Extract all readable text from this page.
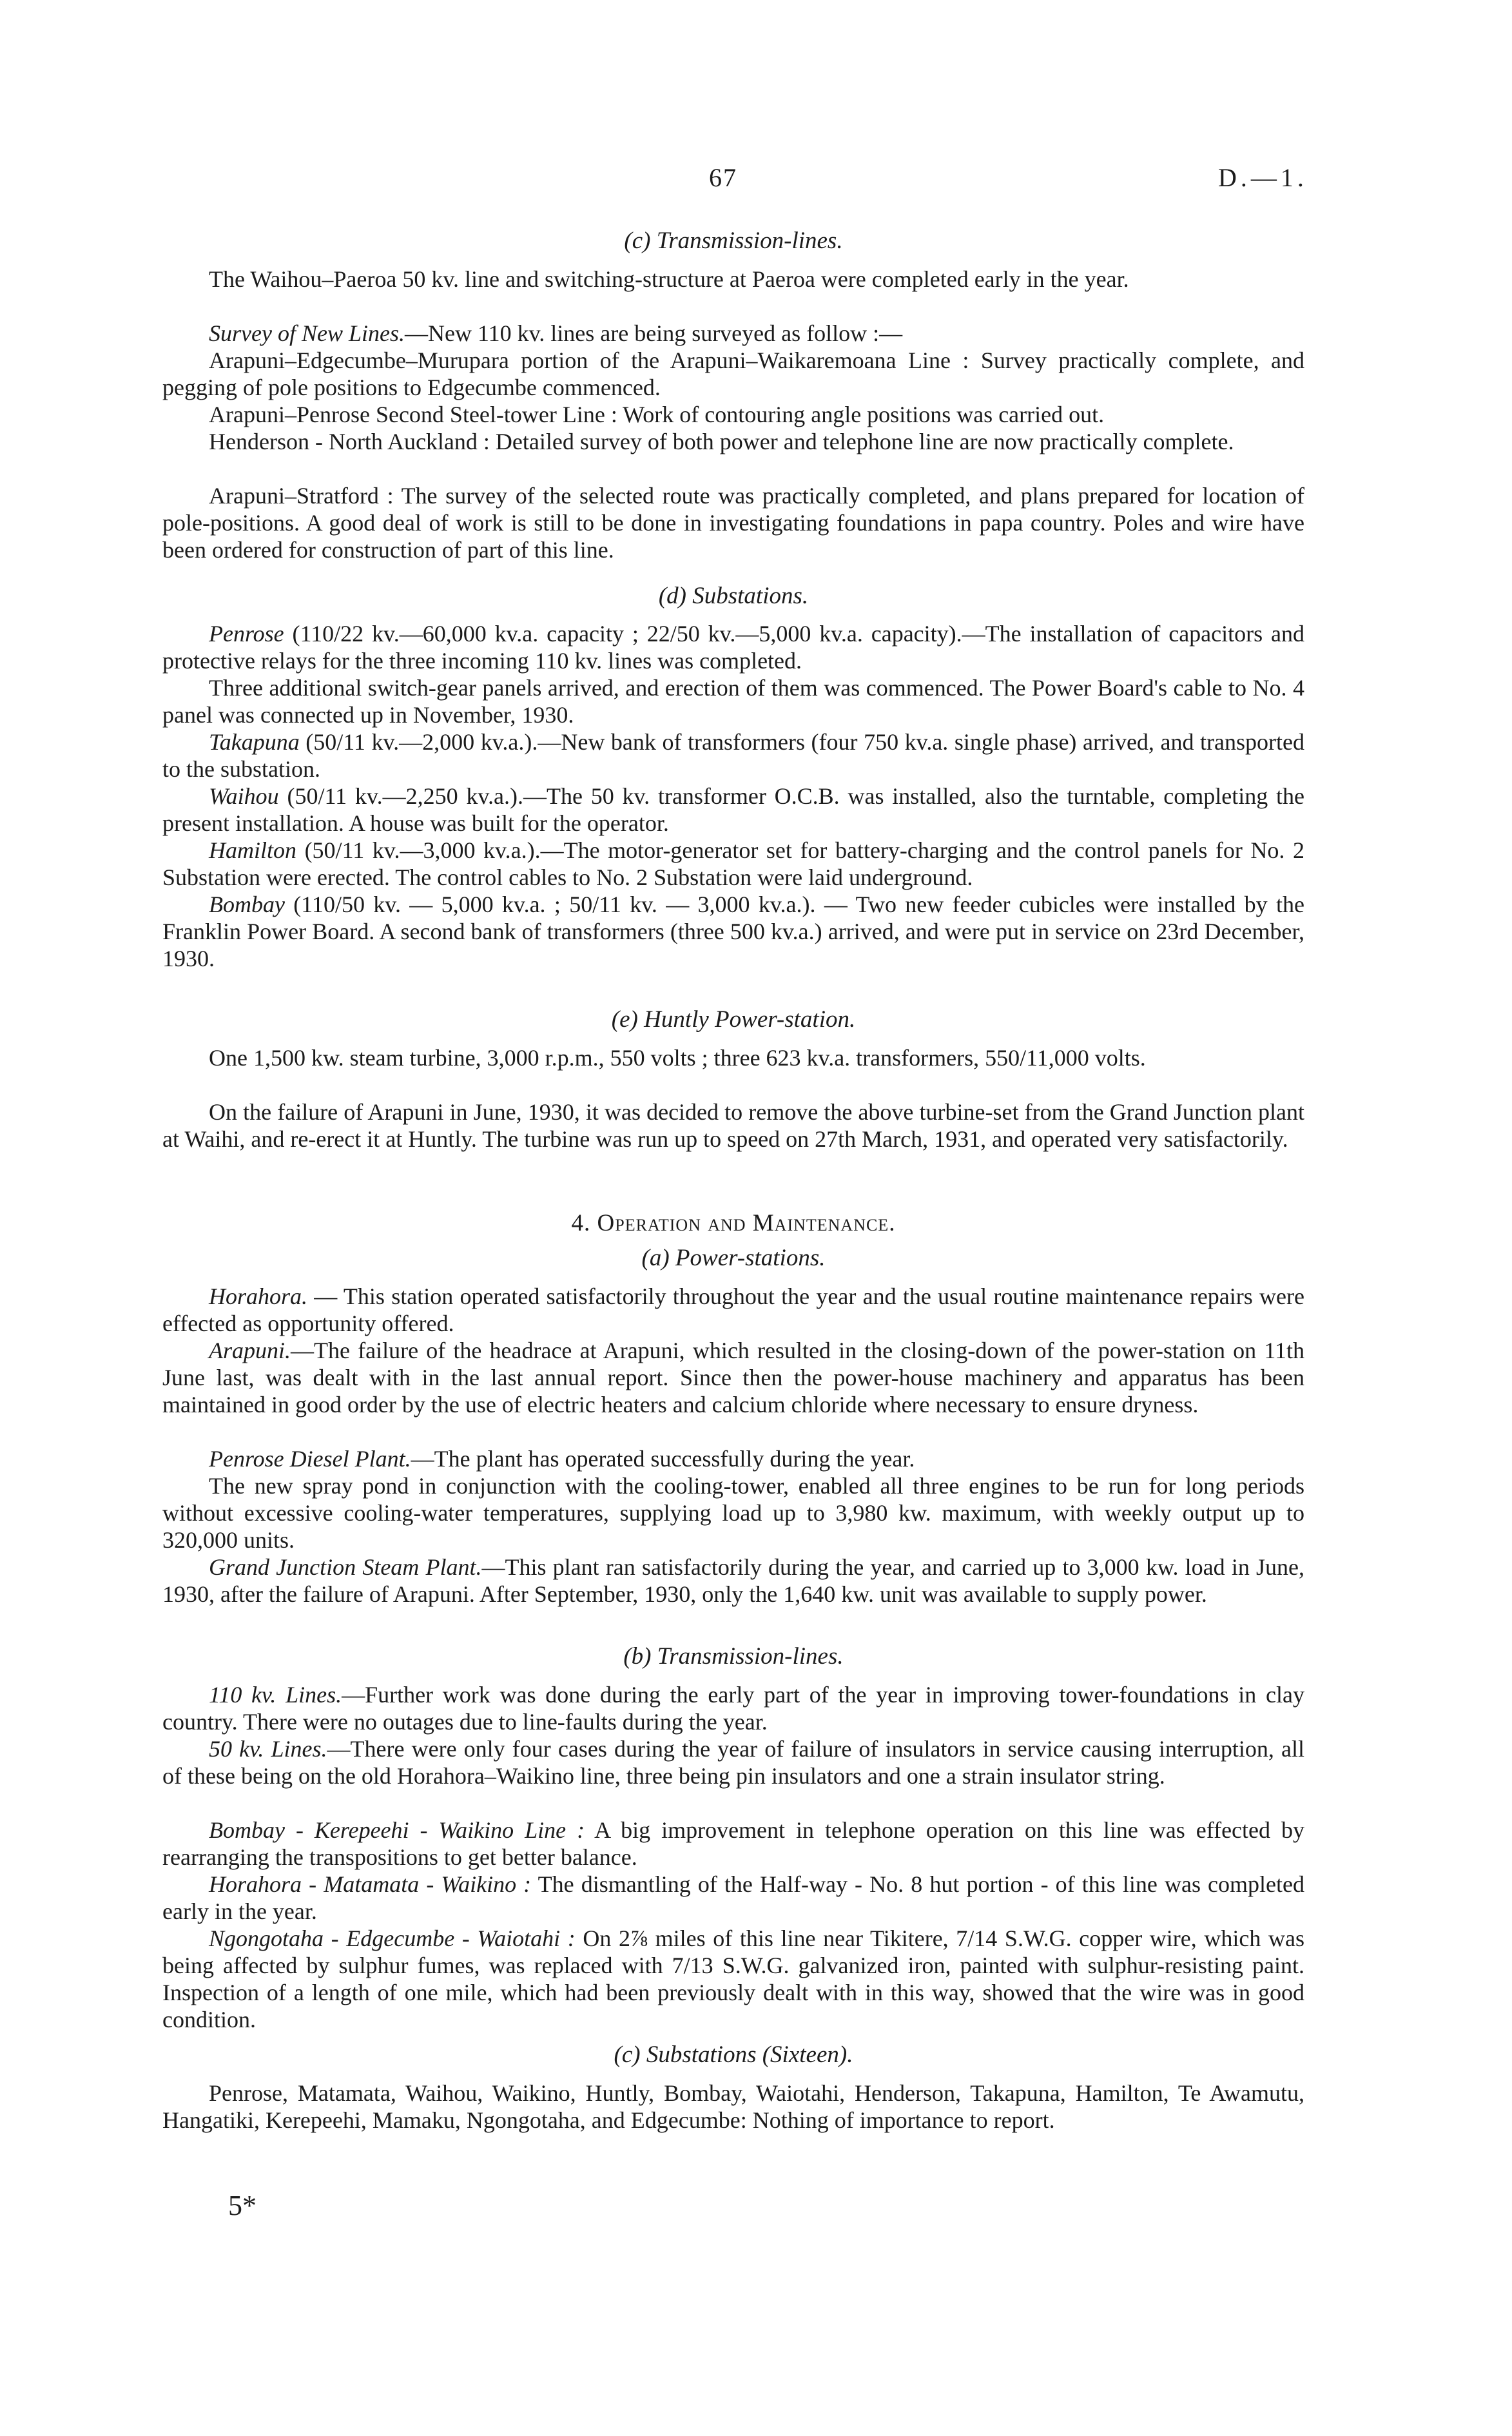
67	D.—1.
(c) Transmission-lines.
The Waihou–Paeroa 50 kv. line and switching-structure at Paeroa were completed early in the year.
Survey of New Lines.—New 110 kv. lines are being surveyed as follow :—
Arapuni–Edgecumbe–Murupara portion of the Arapuni–Waikaremoana Line : Survey practically complete, and pegging of pole positions to Edgecumbe commenced.
Arapuni–Penrose Second Steel-tower Line : Work of contouring angle positions was carried out.
Henderson - North Auckland : Detailed survey of both power and telephone line are now practically complete.
Arapuni–Stratford : The survey of the selected route was practically completed, and plans prepared for location of pole-positions. A good deal of work is still to be done in investigating foundations in papa country. Poles and wire have been ordered for construction of part of this line.
(d) Substations.
Penrose (110/22 kv.—60,000 kv.a. capacity ; 22/50 kv.—5,000 kv.a. capacity).—The installation of capacitors and protective relays for the three incoming 110 kv. lines was completed.
Three additional switch-gear panels arrived, and erection of them was commenced. The Power Board's cable to No. 4 panel was connected up in November, 1930.
Takapuna (50/11 kv.—2,000 kv.a.).—New bank of transformers (four 750 kv.a. single phase) arrived, and transported to the substation.
Waihou (50/11 kv.—2,250 kv.a.).—The 50 kv. transformer O.C.B. was installed, also the turntable, completing the present installation. A house was built for the operator.
Hamilton (50/11 kv.—3,000 kv.a.).—The motor-generator set for battery-charging and the control panels for No. 2 Substation were erected. The control cables to No. 2 Substation were laid underground.
Bombay (110/50 kv. — 5,000 kv.a. ; 50/11 kv. — 3,000 kv.a.). — Two new feeder cubicles were installed by the Franklin Power Board. A second bank of transformers (three 500 kv.a.) arrived, and were put in service on 23rd December, 1930.
(e) Huntly Power-station.
One 1,500 kw. steam turbine, 3,000 r.p.m., 550 volts ; three 623 kv.a. transformers, 550/11,000 volts.
On the failure of Arapuni in June, 1930, it was decided to remove the above turbine-set from the Grand Junction plant at Waihi, and re-erect it at Huntly. The turbine was run up to speed on 27th March, 1931, and operated very satisfactorily.
4. Operation and Maintenance.
(a) Power-stations.
Horahora. — This station operated satisfactorily throughout the year and the usual routine maintenance repairs were effected as opportunity offered.
Arapuni.—The failure of the headrace at Arapuni, which resulted in the closing-down of the power-station on 11th June last, was dealt with in the last annual report. Since then the power-house machinery and apparatus has been maintained in good order by the use of electric heaters and calcium chloride where necessary to ensure dryness.
Penrose Diesel Plant.—The plant has operated successfully during the year.
The new spray pond in conjunction with the cooling-tower, enabled all three engines to be run for long periods without excessive cooling-water temperatures, supplying load up to 3,980 kw. maximum, with weekly output up to 320,000 units.
Grand Junction Steam Plant.—This plant ran satisfactorily during the year, and carried up to 3,000 kw. load in June, 1930, after the failure of Arapuni. After September, 1930, only the 1,640 kw. unit was available to supply power.
(b) Transmission-lines.
110 kv. Lines.—Further work was done during the early part of the year in improving tower-foundations in clay country. There were no outages due to line-faults during the year.
50 kv. Lines.—There were only four cases during the year of failure of insulators in service causing interruption, all of these being on the old Horahora–Waikino line, three being pin insulators and one a strain insulator string.
Bombay - Kerepeehi - Waikino Line : A big improvement in telephone operation on this line was effected by rearranging the transpositions to get better balance.
Horahora - Matamata - Waikino : The dismantling of the Half-way - No. 8 hut portion - of this line was completed early in the year.
Ngongotaha - Edgecumbe - Waiotahi : On 2⅞ miles of this line near Tikitere, 7/14 S.W.G. copper wire, which was being affected by sulphur fumes, was replaced with 7/13 S.W.G. galvanized iron, painted with sulphur-resisting paint. Inspection of a length of one mile, which had been previously dealt with in this way, showed that the wire was in good condition.
(c) Substations (Sixteen).
Penrose, Matamata, Waihou, Waikino, Huntly, Bombay, Waiotahi, Henderson, Takapuna, Hamilton, Te Awamutu, Hangatiki, Kerepeehi, Mamaku, Ngongotaha, and Edgecumbe: Nothing of importance to report.
5*
